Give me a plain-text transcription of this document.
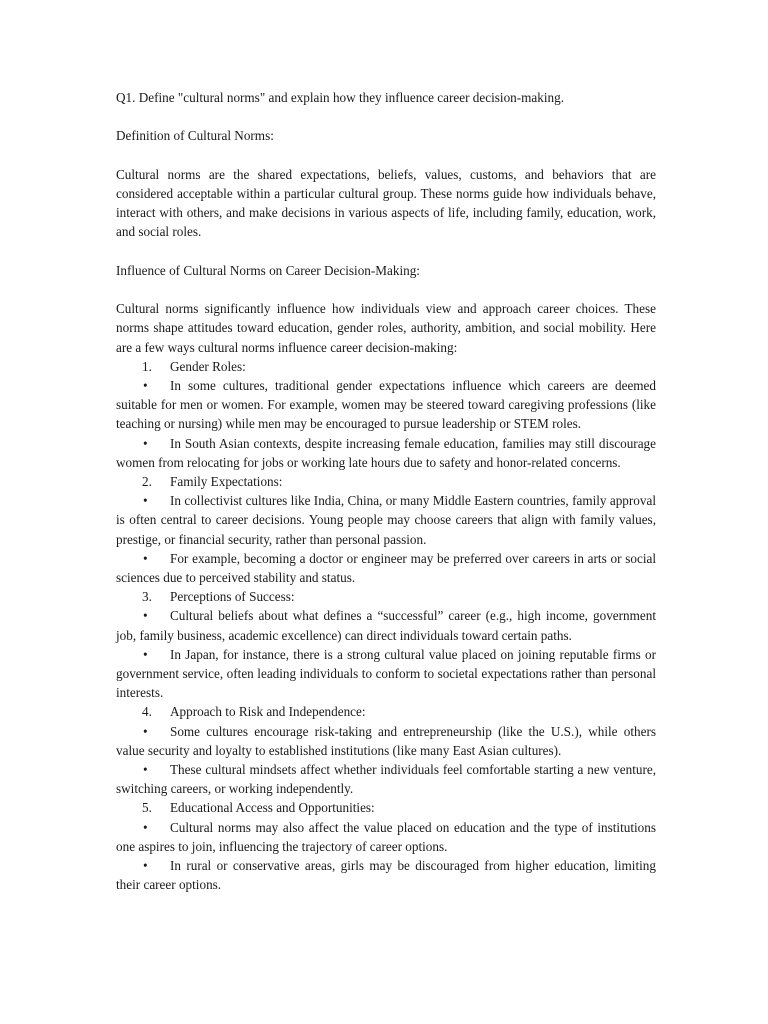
Q1. Define "cultural norms" and explain how they influence career decision-making.

Definition of Cultural Norms:

Cultural norms are the shared expectations, beliefs, values, customs, and behaviors that are considered acceptable within a particular cultural group. These norms guide how individuals behave, interact with others, and make decisions in various aspects of life, including family, education, work, and social roles.

Influence of Cultural Norms on Career Decision-Making:

Cultural norms significantly influence how individuals view and approach career choices. These norms shape attitudes toward education, gender roles, authority, ambition, and social mobility. Here are a few ways cultural norms influence career decision-making:

1. Gender Roles:
• In some cultures, traditional gender expectations influence which careers are deemed suitable for men or women. For example, women may be steered toward caregiving professions (like teaching or nursing) while men may be encouraged to pursue leadership or STEM roles.
• In South Asian contexts, despite increasing female education, families may still discourage women from relocating for jobs or working late hours due to safety and honor-related concerns.
2. Family Expectations:
• In collectivist cultures like India, China, or many Middle Eastern countries, family approval is often central to career decisions. Young people may choose careers that align with family values, prestige, or financial security, rather than personal passion.
• For example, becoming a doctor or engineer may be preferred over careers in arts or social sciences due to perceived stability and status.
3. Perceptions of Success:
• Cultural beliefs about what defines a “successful” career (e.g., high income, government job, family business, academic excellence) can direct individuals toward certain paths.
• In Japan, for instance, there is a strong cultural value placed on joining reputable firms or government service, often leading individuals to conform to societal expectations rather than personal interests.
4. Approach to Risk and Independence:
• Some cultures encourage risk-taking and entrepreneurship (like the U.S.), while others value security and loyalty to established institutions (like many East Asian cultures).
• These cultural mindsets affect whether individuals feel comfortable starting a new venture, switching careers, or working independently.
5. Educational Access and Opportunities:
• Cultural norms may also affect the value placed on education and the type of institutions one aspires to join, influencing the trajectory of career options.
• In rural or conservative areas, girls may be discouraged from higher education, limiting their career options.
